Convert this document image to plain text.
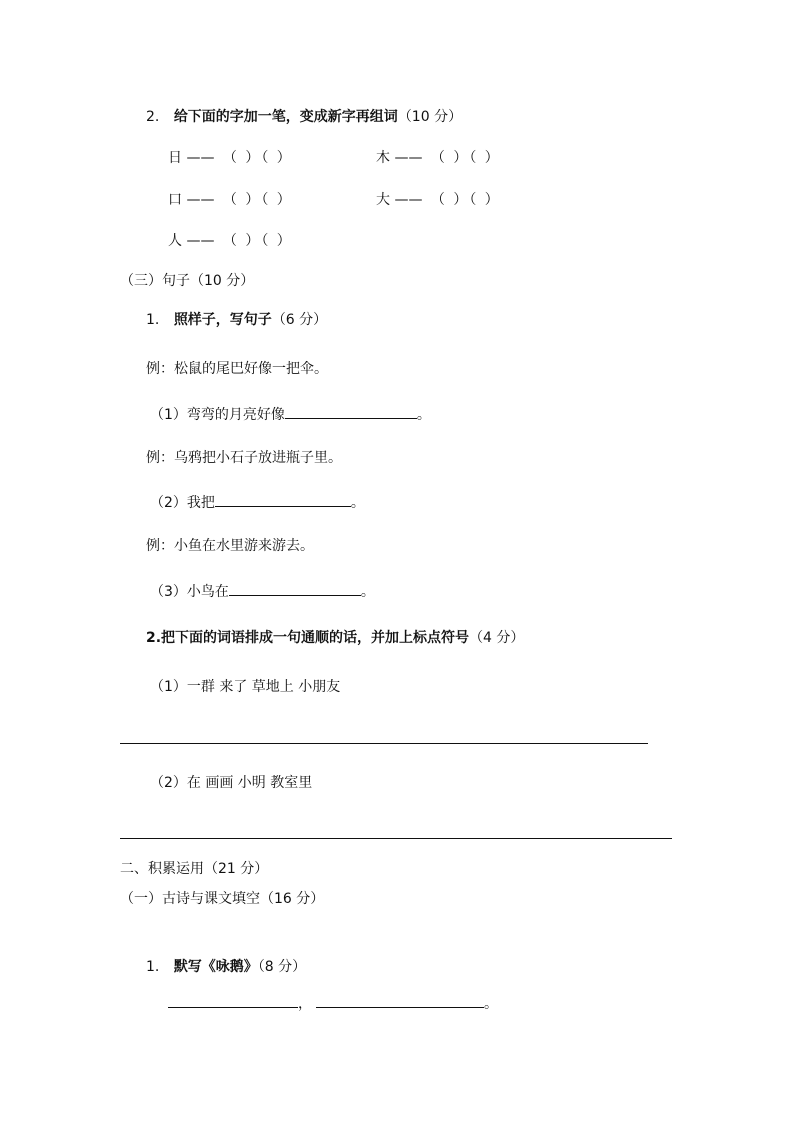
2. 给下面的字加一笔，变成新字再组词（10 分）
日 —— （ ）（ ）	木 —— （ ）（ ）
口 —— （ ）（ ）	大 —— （ ）（ ）
人 —— （ ）（ ）
（三）句子（10 分）
1. 照样子，写句子（6 分）
例：松鼠的尾巴好像一把伞。
（1）弯弯的月亮好像	。
例：乌鸦把小石子放进瓶子里。
（2）我把	。
例：小鱼在水里游来游去。
（3）小鸟在	。
2.把下面的词语排成一句通顺的话，并加上标点符号（4 分）
（1）一群 来了 草地上 小朋友
（2）在 画画 小明 教室里
二、积累运用（21 分）
（一）古诗与课文填空（16 分）
1. 默写《咏鹅》（8 分）
，	。
